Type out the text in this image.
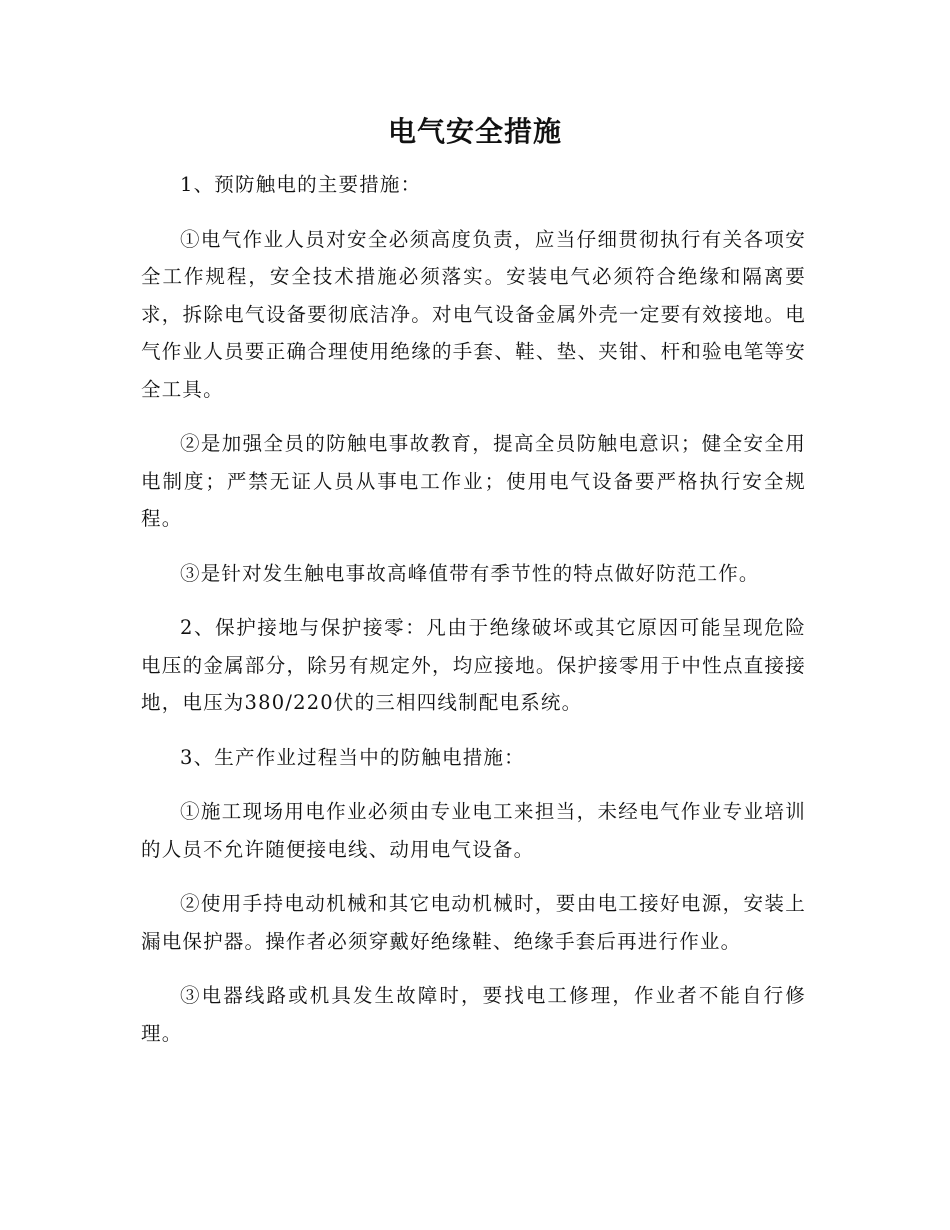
电气安全措施

1、预防触电的主要措施：

①电气作业人员对安全必须高度负责，应当仔细贯彻执行有关各项安全工作规程，安全技术措施必须落实。安装电气必须符合绝缘和隔离要求，拆除电气设备要彻底洁净。对电气设备金属外壳一定要有效接地。电气作业人员要正确合理使用绝缘的手套、鞋、垫、夹钳、杆和验电笔等安全工具。

②是加强全员的防触电事故教育，提高全员防触电意识；健全安全用电制度；严禁无证人员从事电工作业；使用电气设备要严格执行安全规程。

③是针对发生触电事故高峰值带有季节性的特点做好防范工作。

2、保护接地与保护接零：凡由于绝缘破坏或其它原因可能呈现危险电压的金属部分，除另有规定外，均应接地。保护接零用于中性点直接接地，电压为380/220伏的三相四线制配电系统。

3、生产作业过程当中的防触电措施：

①施工现场用电作业必须由专业电工来担当，未经电气作业专业培训的人员不允许随便接电线、动用电气设备。

②使用手持电动机械和其它电动机械时，要由电工接好电源，安装上漏电保护器。操作者必须穿戴好绝缘鞋、绝缘手套后再进行作业。

③电器线路或机具发生故障时，要找电工修理，作业者不能自行修理。
